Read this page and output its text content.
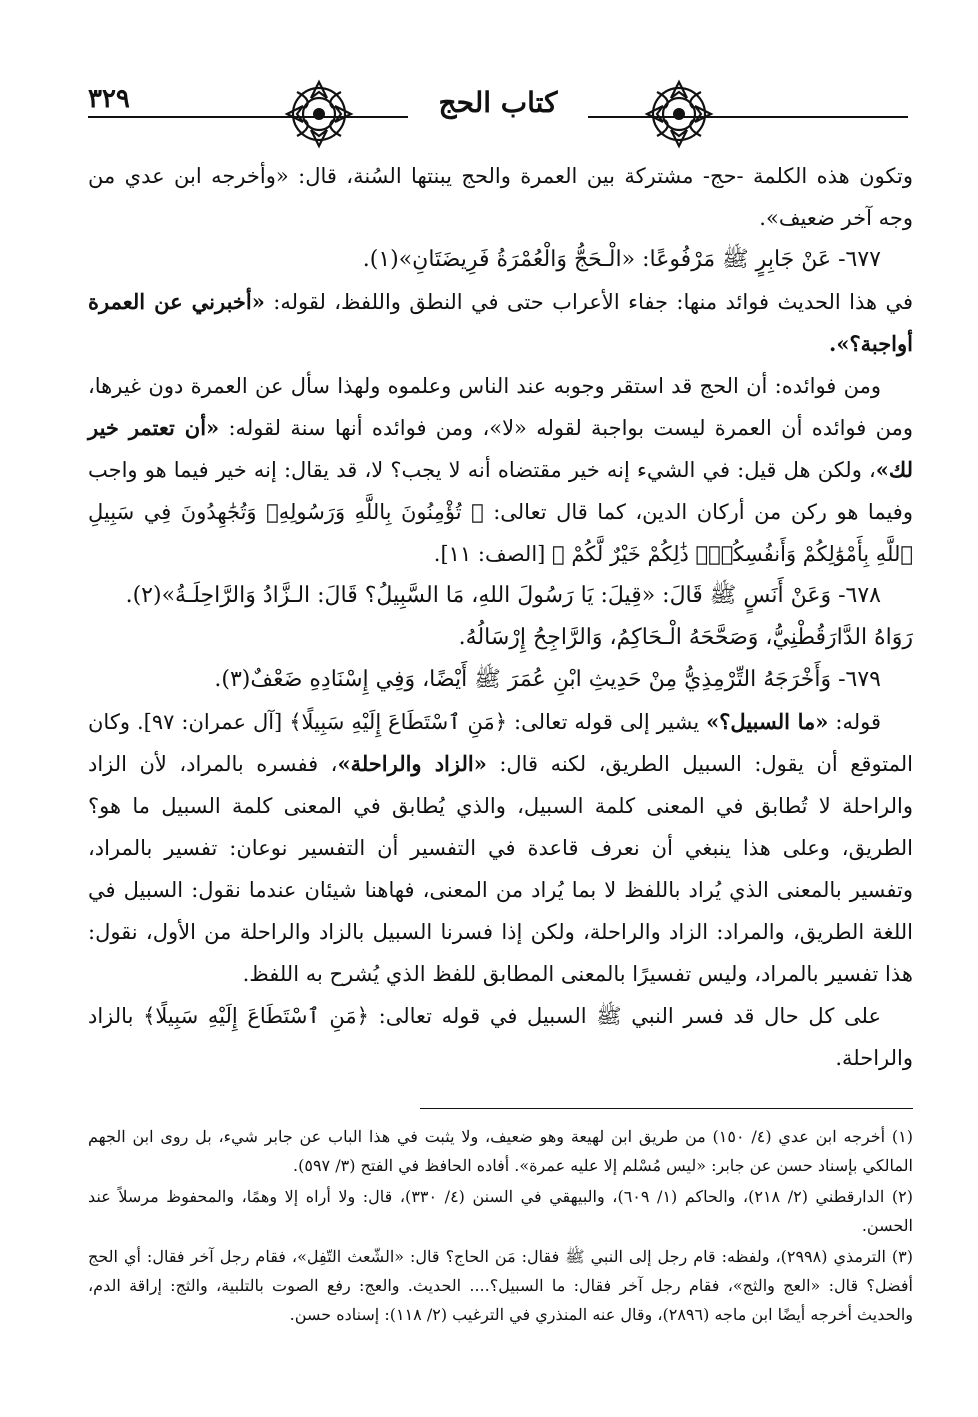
٣٢٩	كتاب الحج

وتكون هذه الكلمة -حج- مشتركة بين العمرة والحج يبنتها السُنة، قال: «وأخرجه ابن عدي من وجه آخر ضعيف».

٦٧٧- عَنْ جَابِرٍ ﷺ مَرْفُوعًا: «الْـحَجُّ وَالْعُمْرَةُ فَرِيضَتَانِ»(١).

في هذا الحديث فوائد منها: جفاء الأعراب حتى في النطق واللفظ، لقوله: «أخبرني عن العمرة أواجبة؟».

ومن فوائده: أن الحج قد استقر وجوبه عند الناس وعلموه ولهذا سأل عن العمرة دون غيرها، ومن فوائده أن العمرة ليست بواجبة لقوله «لا»، ومن فوائده أنها سنة لقوله: «أن تعتمر خير لك»، ولكن هل قيل: في الشيء إنه خير مقتضاه أنه لا يجب؟ لا، قد يقال: إنه خير فيما هو واجب وفيما هو ركن من أركان الدين، كما قال تعالى: ﴿ تُؤْمِنُونَ بِاللَّهِ وَرَسُولِهِۦ وَتُجَٰهِدُونَ فِي سَبِيلِ ٱللَّهِ بِأَمْوَٰلِكُمْ وَأَنفُسِكُمْۚ ذَٰلِكُمْ خَيْرٌ لَّكُمْ ﴾ [الصف: ١١].

٦٧٨- وَعَنْ أَنَسٍ ﷺ قَالَ: «قِيلَ: يَا رَسُولَ اللهِ، مَا السَّبِيلُ؟ قَالَ: الـزَّادُ وَالرَّاحِلَـةُ»(٢).

رَوَاهُ الدَّارَقُطْنِيُّ، وَصَحَّحَهُ الْـحَاكِمُ، وَالرَّاجِحُ إِرْسَالُهُ.

٦٧٩- وَأَخْرَجَهُ التِّرْمِذِيُّ مِنْ حَدِيثِ ابْنِ عُمَرَ ﷺ أَيْضًا، وَفِي إِسْنَادِهِ ضَعْفٌ(٣).

قوله: «ما السبيل؟» يشير إلى قوله تعالى: ﴿مَنِ ٱسْتَطَاعَ إِلَيْهِ سَبِيلًا﴾ [آل عمران: ٩٧]. وكان المتوقع أن يقول: السبيل الطريق، لكنه قال: «الزاد والراحلة»، ففسره بالمراد، لأن الزاد والراحلة لا تُطابق في المعنى كلمة السبيل، والذي يُطابق في المعنى كلمة السبيل ما هو؟ الطريق، وعلى هذا ينبغي أن نعرف قاعدة في التفسير أن التفسير نوعان: تفسير بالمراد، وتفسير بالمعنى الذي يُراد باللفظ لا بما يُراد من المعنى، فهاهنا شيئان عندما نقول: السبيل في اللغة الطريق، والمراد: الزاد والراحلة، ولكن إذا فسرنا السبيل بالزاد والراحلة من الأول، نقول: هذا تفسير بالمراد، وليس تفسيرًا بالمعنى المطابق للفظ الذي يُشرح به اللفظ.

على كل حال قد فسر النبي ﷺ السبيل في قوله تعالى: ﴿مَنِ ٱسْتَطَاعَ إِلَيْهِ سَبِيلًا﴾ بالزاد والراحلة.

(١) أخرجه ابن عدي (٤/ ١٥٠) من طريق ابن لهيعة وهو ضعيف، ولا يثبت في هذا الباب عن جابر شيء، بل روى ابن الجهم المالكي بإسناد حسن عن جابر: «ليس مُسْلم إلا عليه عمرة». أفاده الحافظ في الفتح (٣/ ٥٩٧).

(٢) الدارقطني (٢/ ٢١٨)، والحاكم (١/ ٦٠٩)، والبيهقي في السنن (٤/ ٣٣٠)، قال: ولا أراه إلا وهمًا، والمحفوظ مرسلاً عند الحسن.

(٣) الترمذي (٢٩٩٨)، ولفظه: قام رجل إلى النبي ﷺ فقال: مَن الحاج؟ قال: «الشّعث التّفِل»، فقام رجل آخر فقال: أي الحج أفضل؟ قال: «العج والثج»، فقام رجل آخر فقال: ما السبيل؟.... الحديث. والعج: رفع الصوت بالتلبية، والثج: إراقة الدم، والحديث أخرجه أيضًا ابن ماجه (٢٨٩٦)، وقال عنه المنذري في الترغيب (٢/ ١١٨): إسناده حسن.
